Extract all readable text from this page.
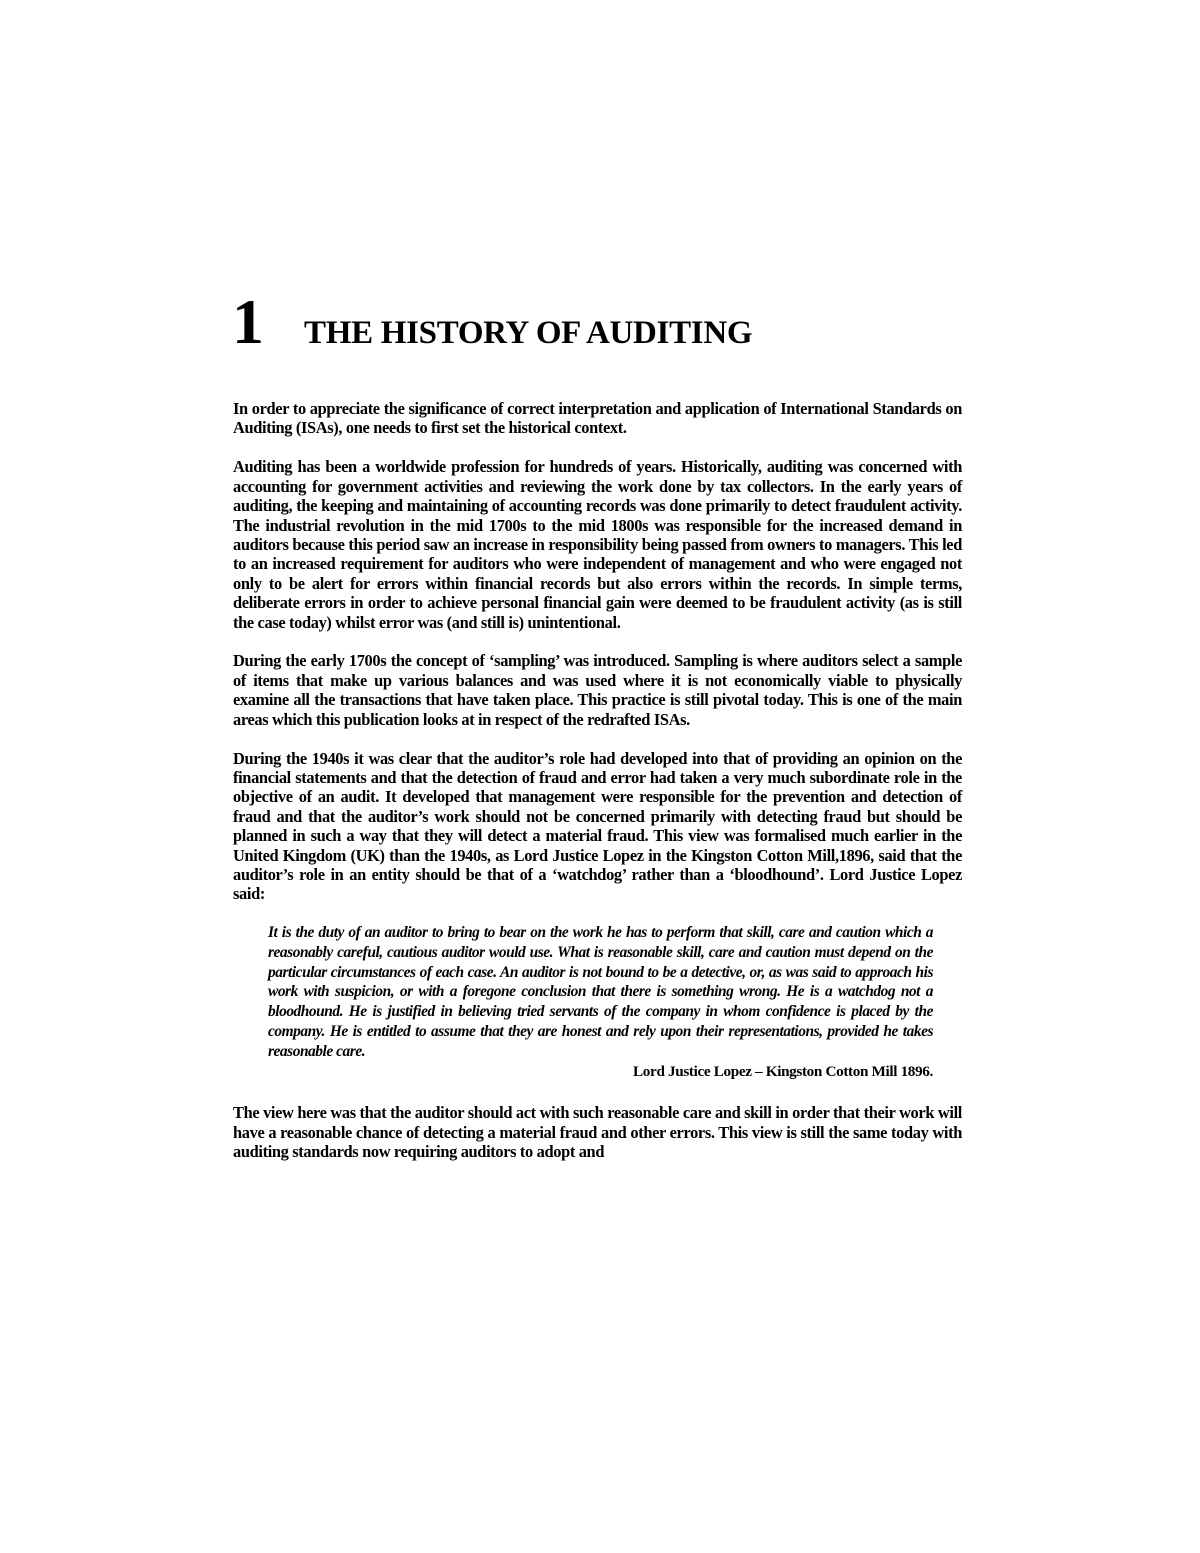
1	THE HISTORY OF AUDITING

In order to appreciate the significance of correct interpretation and application of International Standards on Auditing (ISAs), one needs to first set the historical context.

Auditing has been a worldwide profession for hundreds of years. Historically, auditing was concerned with accounting for government activities and reviewing the work done by tax collectors. In the early years of auditing, the keeping and maintaining of accounting records was done primarily to detect fraudulent activity. The industrial revolution in the mid 1700s to the mid 1800s was responsible for the increased demand in auditors because this period saw an increase in responsibility being passed from owners to managers. This led to an increased requirement for auditors who were independent of management and who were engaged not only to be alert for errors within financial records but also errors within the records. In simple terms, deliberate errors in order to achieve personal financial gain were deemed to be fraudulent activity (as is still the case today) whilst error was (and still is) unintentional.

During the early 1700s the concept of ‘sampling’ was introduced. Sampling is where auditors select a sample of items that make up various balances and was used where it is not economically viable to physically examine all the transactions that have taken place. This practice is still pivotal today. This is one of the main areas which this publication looks at in respect of the redrafted ISAs.

During the 1940s it was clear that the auditor’s role had developed into that of providing an opinion on the financial statements and that the detection of fraud and error had taken a very much subordinate role in the objective of an audit. It developed that management were responsible for the prevention and detection of fraud and that the auditor’s work should not be concerned primarily with detecting fraud but should be planned in such a way that they will detect a material fraud. This view was formalised much earlier in the United Kingdom (UK) than the 1940s, as Lord Justice Lopez in the Kingston Cotton Mill,1896, said that the auditor’s role in an entity should be that of a ‘watchdog’ rather than a ‘bloodhound’. Lord Justice Lopez said:

It is the duty of an auditor to bring to bear on the work he has to perform that skill, care and caution which a reasonably careful, cautious auditor would use. What is reasonable skill, care and caution must depend on the particular circumstances of each case. An auditor is not bound to be a detective, or, as was said to approach his work with suspicion, or with a foregone conclusion that there is something wrong. He is a watchdog not a bloodhound. He is justified in believing tried servants of the company in whom confidence is placed by the company. He is entitled to assume that they are honest and rely upon their representations, provided he takes reasonable care.

Lord Justice Lopez – Kingston Cotton Mill 1896.

The view here was that the auditor should act with such reasonable care and skill in order that their work will have a reasonable chance of detecting a material fraud and other errors. This view is still the same today with auditing standards now requiring auditors to adopt and
